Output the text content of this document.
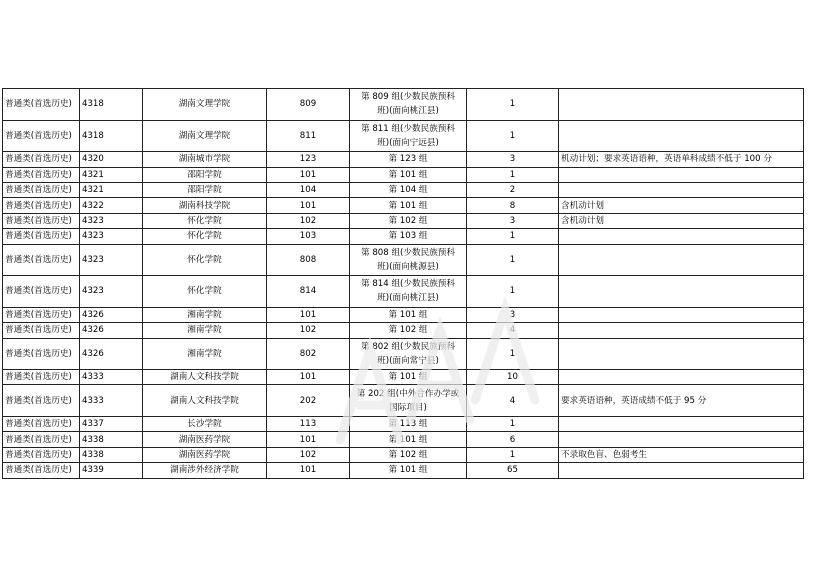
普通类(首选历史)	4318	湖南文理学院	809	第 809 组(少数民族预科
班)(面向桃江县)	1	
普通类(首选历史)	4318	湖南文理学院	811	第 811 组(少数民族预科
班)(面向宁远县)	1	
普通类(首选历史)	4320	湖南城市学院	123	第 123 组	3	机动计划；要求英语语种，英语单科成绩不低于 100 分
普通类(首选历史)	4321	邵阳学院	101	第 101 组	1	
普通类(首选历史)	4321	邵阳学院	104	第 104 组	2	
普通类(首选历史)	4322	湖南科技学院	101	第 101 组	8	含机动计划
普通类(首选历史)	4323	怀化学院	102	第 102 组	3	含机动计划
普通类(首选历史)	4323	怀化学院	103	第 103 组	1	
普通类(首选历史)	4323	怀化学院	808	第 808 组(少数民族预科
班)(面向桃源县)	1	
普通类(首选历史)	4323	怀化学院	814	第 814 组(少数民族预科
班)(面向桃江县)	1	
普通类(首选历史)	4326	湘南学院	101	第 101 组	3	
普通类(首选历史)	4326	湘南学院	102	第 102 组	4	
普通类(首选历史)	4326	湘南学院	802	第 802 组(少数民族预科
班)(面向常宁县)	1	
普通类(首选历史)	4333	湖南人文科技学院	101	第 101 组	10	
普通类(首选历史)	4333	湖南人文科技学院	202	第 202 组(中外合作办学或
国际项目)	4	要求英语语种，英语成绩不低于 95 分
普通类(首选历史)	4337	长沙学院	113	第 113 组	1	
普通类(首选历史)	4338	湖南医药学院	101	第 101 组	6	
普通类(首选历史)	4338	湖南医药学院	102	第 102 组	1	不录取色盲、色弱考生
普通类(首选历史)	4339	湖南涉外经济学院	101	第 101 组	65	
